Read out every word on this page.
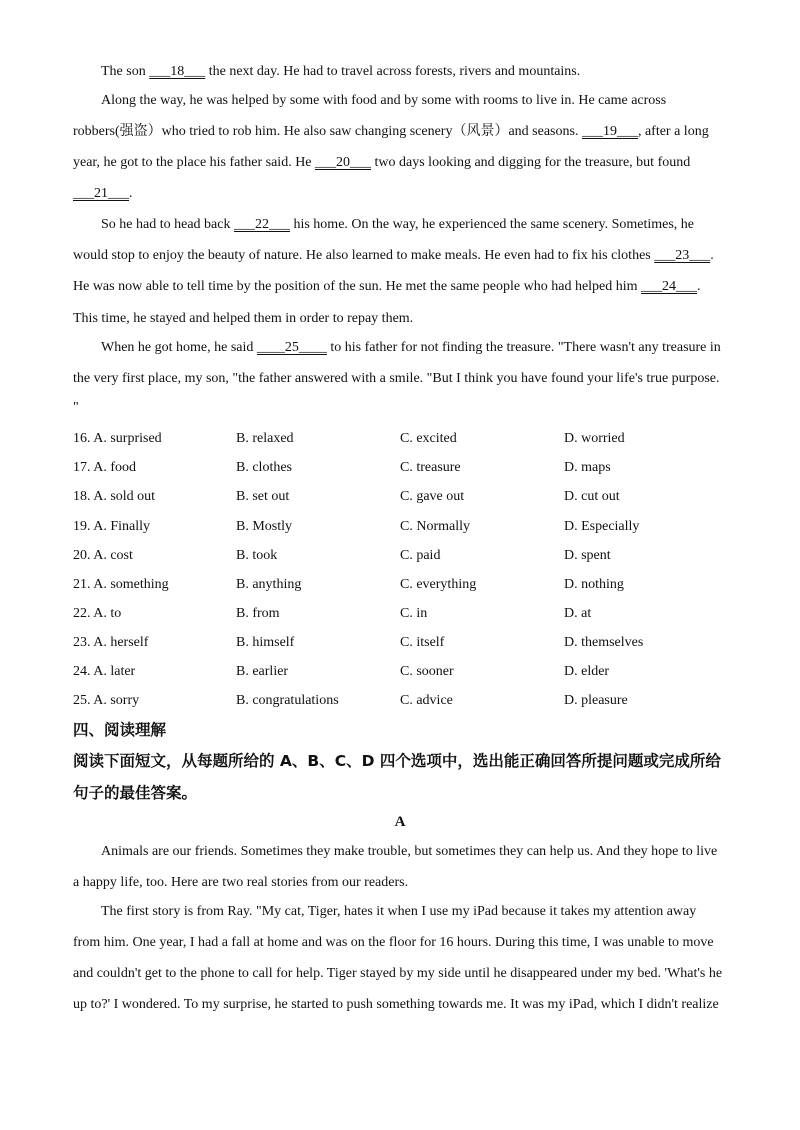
The son ___18___ the next day. He had to travel across forests, rivers and mountains.
Along the way, he was helped by some with food and by some with rooms to live in. He came across
robbers(强盗）who tried to rob him. He also saw changing scenery（风景）and seasons. ___19___, after a long
year, he got to the place his father said. He ___20___ two days looking and digging for the treasure, but found
___21___.
So he had to head back ___22___ his home. On the way, he experienced the same scenery. Sometimes, he
would stop to enjoy the beauty of nature. He also learned to make meals. He even had to fix his clothes ___23___.
He was now able to tell time by the position of the sun. He met the same people who had helped him ___24___.
This time, he stayed and helped them in order to repay them.
When he got home, he said ____25____ to his father for not finding the treasure. "There wasn't any treasure in
the very first place, my son, "the father answered with a smile. "But I think you have found your life's true purpose.
"
16. A. surprised	B. relaxed	C. excited	D. worried
17. A. food	B. clothes	C. treasure	D. maps
18. A. sold out	B. set out	C. gave out	D. cut out
19. A. Finally	B. Mostly	C. Normally	D. Especially
20. A. cost	B. took	C. paid	D. spent
21. A. something	B. anything	C. everything	D. nothing
22. A. to	B. from	C. in	D. at
23. A. herself	B. himself	C. itself	D. themselves
24. A. later	B. earlier	C. sooner	D. elder
25. A. sorry	B. congratulations	C. advice	D. pleasure
四、阅读理解
阅读下面短文，从每题所给的 A、B、C、D 四个选项中，选出能正确回答所提问题或完成所给
句子的最佳答案。
A
Animals are our friends. Sometimes they make trouble, but sometimes they can help us. And they hope to live
a happy life, too. Here are two real stories from our readers.
The first story is from Ray. "My cat, Tiger, hates it when I use my iPad because it takes my attention away
from him. One year, I had a fall at home and was on the floor for 16 hours. During this time, I was unable to move
and couldn't get to the phone to call for help. Tiger stayed by my side until he disappeared under my bed. 'What's he
up to?' I wondered. To my surprise, he started to push something towards me. It was my iPad, which I didn't realize
